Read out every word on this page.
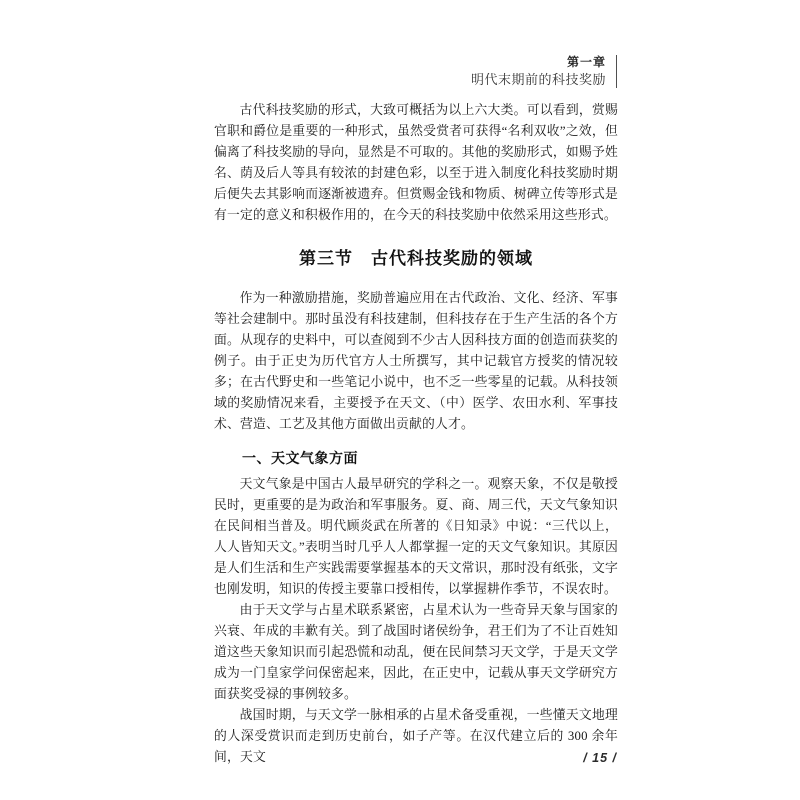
第一章
明代末期前的科技奖励

古代科技奖励的形式，大致可概括为以上六大类。可以看到，赏赐官职和爵位是重要的一种形式，虽然受赏者可获得“名利双收”之效，但偏离了科技奖励的导向，显然是不可取的。其他的奖励形式，如赐予姓名、荫及后人等具有较浓的封建色彩，以至于进入制度化科技奖励时期后便失去其影响而逐渐被遗弃。但赏赐金钱和物质、树碑立传等形式是有一定的意义和积极作用的，在今天的科技奖励中依然采用这些形式。

第三节　古代科技奖励的领域

作为一种激励措施，奖励普遍应用在古代政治、文化、经济、军事等社会建制中。那时虽没有科技建制，但科技存在于生产生活的各个方面。从现存的史料中，可以查阅到不少古人因科技方面的创造而获奖的例子。由于正史为历代官方人士所撰写，其中记载官方授奖的情况较多；在古代野史和一些笔记小说中，也不乏一些零星的记载。从科技领域的奖励情况来看，主要授予在天文、（中）医学、农田水利、军事技术、营造、工艺及其他方面做出贡献的人才。

一、天文气象方面

天文气象是中国古人最早研究的学科之一。观察天象，不仅是敬授民时，更重要的是为政治和军事服务。夏、商、周三代，天文气象知识在民间相当普及。明代顾炎武在所著的《日知录》中说：“三代以上，人人皆知天文。”表明当时几乎人人都掌握一定的天文气象知识。其原因是人们生活和生产实践需要掌握基本的天文常识，那时没有纸张，文字也刚发明，知识的传授主要靠口授相传，以掌握耕作季节，不误农时。

由于天文学与占星术联系紧密，占星术认为一些奇异天象与国家的兴衰、年成的丰歉有关。到了战国时诸侯纷争，君王们为了不让百姓知道这些天象知识而引起恐慌和动乱，便在民间禁习天文学，于是天文学成为一门皇家学问保密起来，因此，在正史中，记载从事天文学研究方面获奖受禄的事例较多。

战国时期，与天文学一脉相承的占星术备受重视，一些懂天文地理的人深受赏识而走到历史前台，如子产等。在汉代建立后的 300 余年间，天文	/ 15 /
